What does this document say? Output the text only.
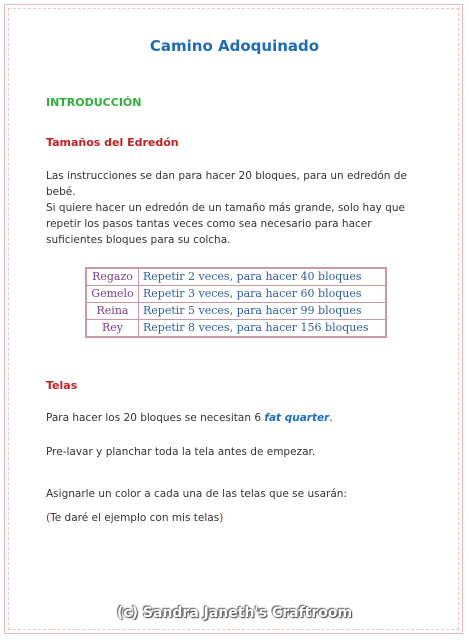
Camino Adoquinado
INTRODUCCIÓN
Tamaños del Edredón
Las instrucciones se dan para hacer 20 bloques, para un edredón de bebé.
Si quiere hacer un edredón de un tamaño más grande, solo hay que repetir los pasos tantas veces como sea necesario para hacer suficientes bloques para su colcha.
Regazo	Repetir 2 veces, para hacer 40 bloques
Gemelo	Repetir 3 veces, para hacer 60 bloques
Reina	Repetir 5 veces, para hacer 99 bloques
Rey	Repetir 8 veces, para hacer 156 bloques
Telas
Para hacer los 20 bloques se necesitan 6 fat quarter.
Pre-lavar y planchar toda la tela antes de empezar.
Asignarle un color a cada una de las telas que se usarán:
(Te daré el ejemplo con mis telas)
(c) Sandra Janeth's Craftroom
